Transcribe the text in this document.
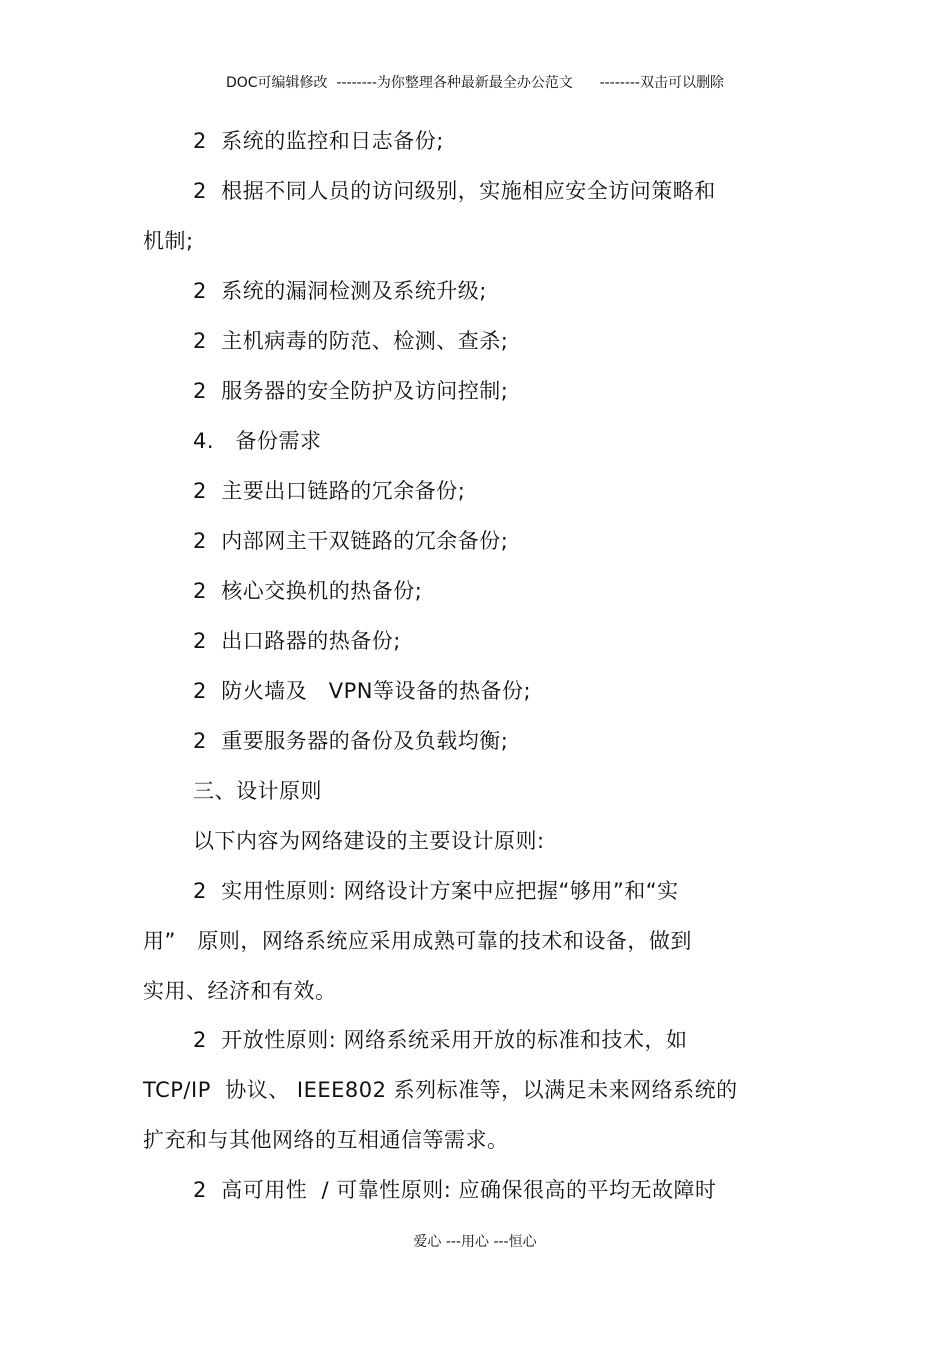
DOC可编辑修改  --------为你整理各种最新最全办公范文      --------双击可以删除
2  系统的监控和日志备份;
2  根据不同人员的访问级别，实施相应安全访问策略和
机制;
2  系统的漏洞检测及系统升级;
2  主机病毒的防范、检测、查杀;
2  服务器的安全防护及访问控制;
4.   备份需求
2  主要出口链路的冗余备份;
2  内部网主干双链路的冗余备份;
2  核心交换机的热备份;
2  出口路器的热备份;
2  防火墙及   VPN等设备的热备份;
2  重要服务器的备份及负载均衡;
三、设计原则
以下内容为网络建设的主要设计原则:
2  实用性原则: 网络设计方案中应把握“够用”和“实
用”   原则，网络系统应采用成熟可靠的技术和设备，做到
实用、经济和有效。
2  开放性原则: 网络系统采用开放的标准和技术，如
TCP/IP  协议、 IEEE802 系列标准等，以满足未来网络系统的
扩充和与其他网络的互相通信等需求。
2  高可用性  / 可靠性原则: 应确保很高的平均无故障时
爱心 ---用心 ---恒心
